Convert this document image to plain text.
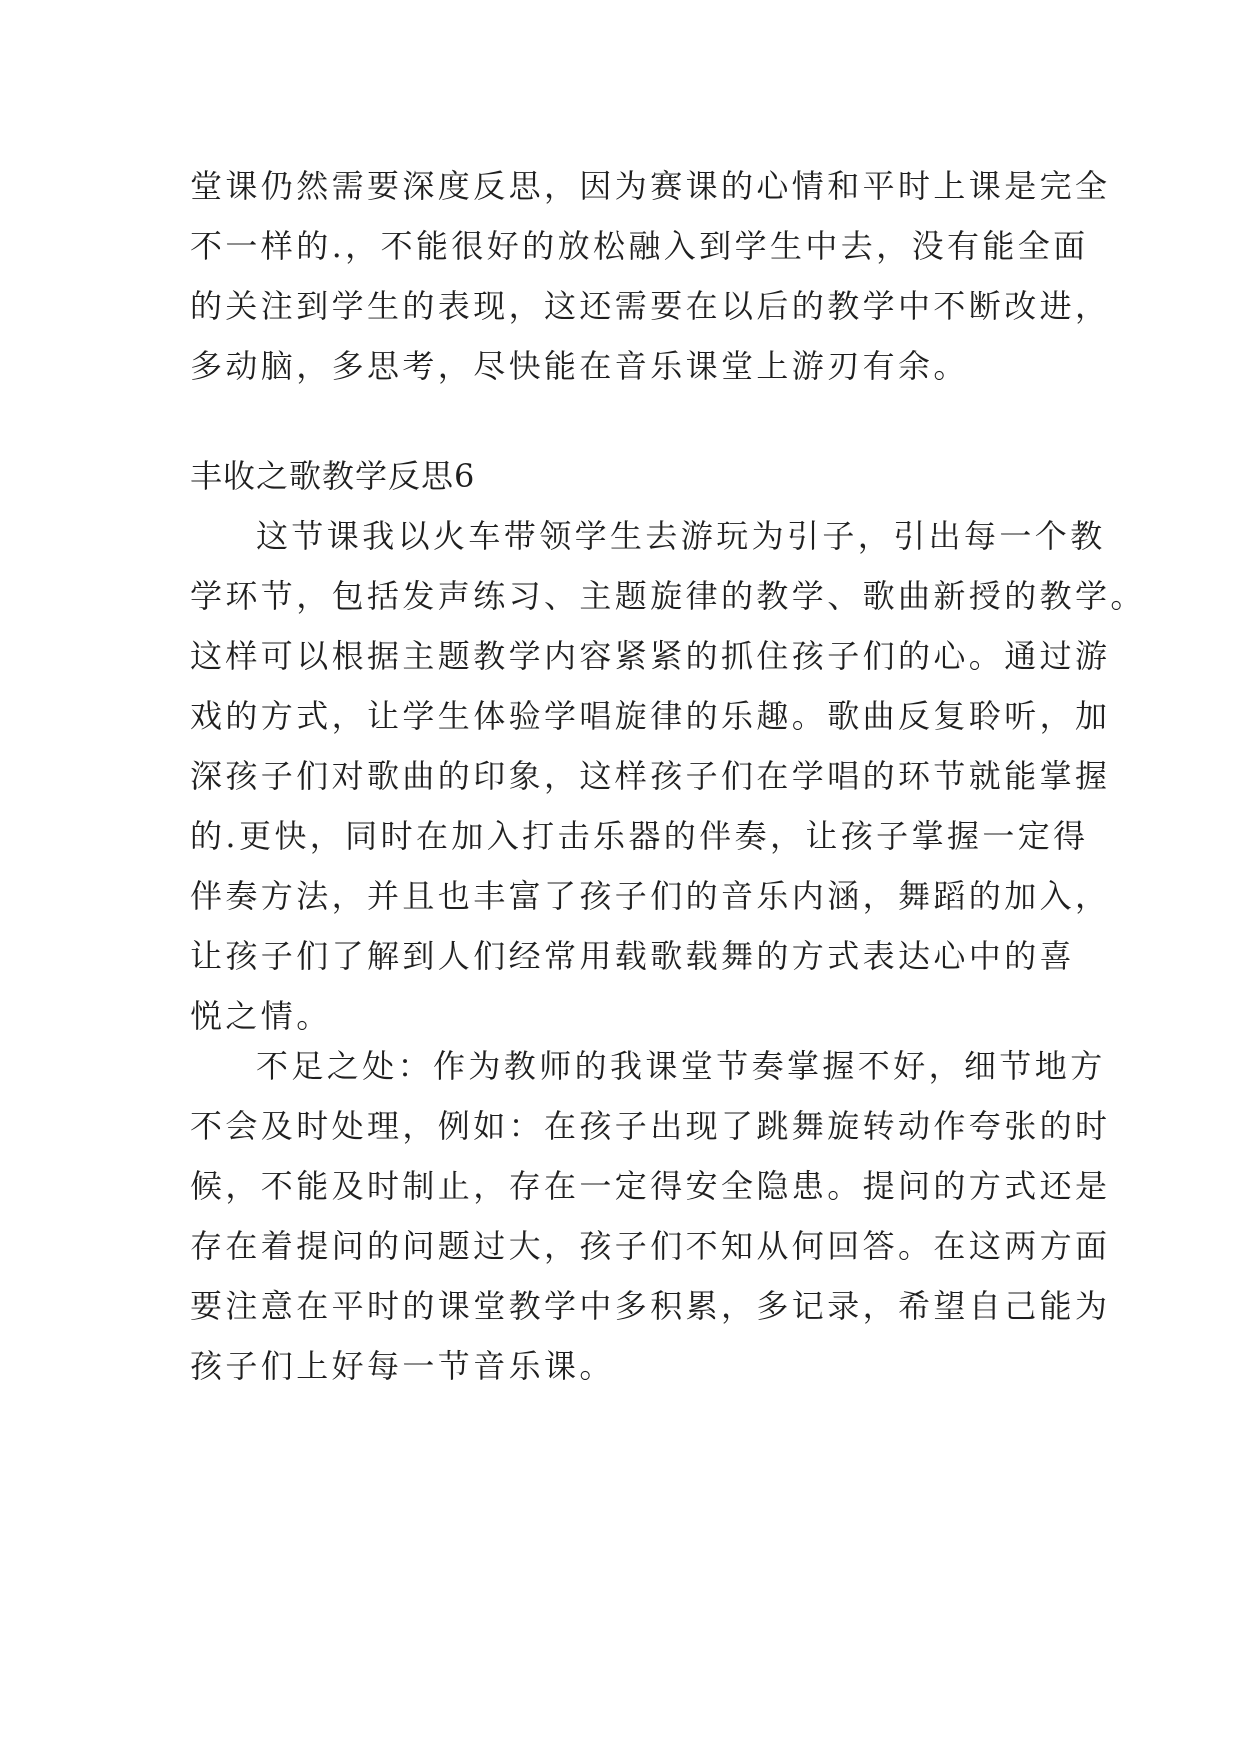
堂课仍然需要深度反思，因为赛课的心情和平时上课是完全
不一样的.，不能很好的放松融入到学生中去，没有能全面
的关注到学生的表现，这还需要在以后的教学中不断改进，
多动脑，多思考，尽快能在音乐课堂上游刃有余。
丰收之歌教学反思6
这节课我以火车带领学生去游玩为引子，引出每一个教
学环节，包括发声练习、主题旋律的教学、歌曲新授的教学。
这样可以根据主题教学内容紧紧的抓住孩子们的心。通过游
戏的方式，让学生体验学唱旋律的乐趣。歌曲反复聆听，加
深孩子们对歌曲的印象，这样孩子们在学唱的环节就能掌握
的.更快，同时在加入打击乐器的伴奏，让孩子掌握一定得
伴奏方法，并且也丰富了孩子们的音乐内涵，舞蹈的加入，
让孩子们了解到人们经常用载歌载舞的方式表达心中的喜
悦之情。
不足之处：作为教师的我课堂节奏掌握不好，细节地方
不会及时处理，例如：在孩子出现了跳舞旋转动作夸张的时
候，不能及时制止，存在一定得安全隐患。提问的方式还是
存在着提问的问题过大，孩子们不知从何回答。在这两方面
要注意在平时的课堂教学中多积累，多记录，希望自己能为
孩子们上好每一节音乐课。
